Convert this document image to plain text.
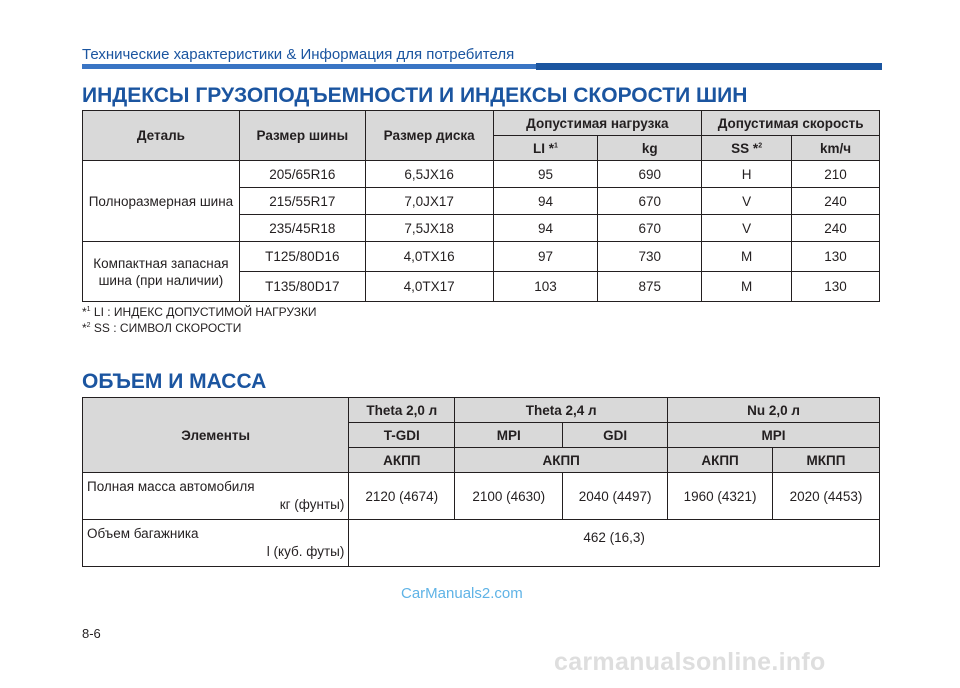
Технические характеристики & Информация для потребителя
ИНДЕКСЫ ГРУЗОПОДЪЕМНОСТИ И ИНДЕКСЫ СКОРОСТИ ШИН
Деталь	Размер шины	Размер диска	Допустимая нагрузка		Допустимая скорость	
			LI *$^1$	kg	SS *$^2$	km/ч
Полноразмерная шина	205/65R16	6,5JX16	95	690	H	210
	215/55R17	7,0JX17	94	670	V	240
	235/45R18	7,5JX18	94	670	V	240
Компактная запасная шина (при наличии)	T125/80D16	4,0TX16	97	730	M	130
	T135/80D17	4,0TX17	103	875	M	130
*$^1$ LI : ИНДЕКС ДОПУСТИМОЙ НАГРУЗКИ
*$^2$ SS : СИМВОЛ СКОРОСТИ
ОБЪЕМ И МАССА
Элементы	Theta 2,0 л	Theta 2,4 л		Nu 2,0 л	
	T-GDI	MPI	GDI	MPI	
	АКПП	АКПП		АКПП	МКПП

Полная масса автомобиля
кг (фунты)	2120 (4674)	2100 (4630)	2040 (4497)	1960 (4321)	2020 (4453)

Объем багажника
l (куб. футы)	462 (16,3)				
CarManuals2.com
8-6
carmanualsonline.info
